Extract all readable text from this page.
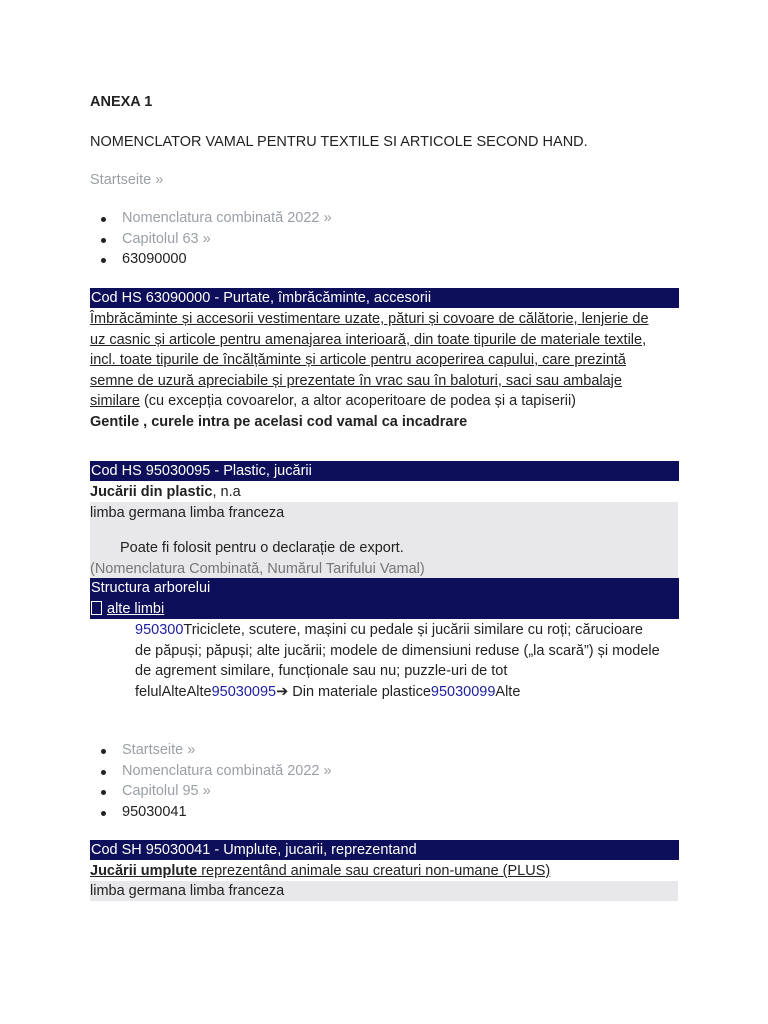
ANEXA 1
NOMENCLATOR VAMAL PENTRU TEXTILE SI ARTICOLE SECOND HAND.
Startseite »
Nomenclatura combinată 2022 »
Capitolul 63 »
63090000
Cod HS 63090000 - Purtate, îmbrăcăminte, accesorii
Îmbrăcăminte și accesorii vestimentare uzate, pături și covoare de călătorie, lenjerie de
uz casnic și articole pentru amenajarea interioară, din toate tipurile de materiale textile,
incl. toate tipurile de încălțăminte și articole pentru acoperirea capului, care prezintă
semne de uzură apreciabile și prezentate în vrac sau în baloturi, saci sau ambalaje
similare (cu excepția covoarelor, a altor acoperitoare de podea și a tapiserii)
Gentile , curele intra pe acelasi cod vamal ca incadrare
Cod HS 95030095 - Plastic, jucării
Jucării din plastic, n.a
limba germana limba franceza
Poate fi folosit pentru o declarație de export.
(Nomenclatura Combinată, Numărul Tarifului Vamal)
Structura arborelui
alte limbi
950300Triciclete, scutere, mașini cu pedale și jucării similare cu roți; cărucioare
de păpuși; păpuși; alte jucării; modele de dimensiuni reduse („la scară”) și modele
de agrement similare, funcționale sau nu; puzzle-uri de tot
felulAlteAlte95030095➔ Din materiale plastice95030099Alte
Startseite »
Nomenclatura combinată 2022 »
Capitolul 95 »
95030041
Cod SH 95030041 - Umplute, jucarii, reprezentand
Jucării umplute reprezentând animale sau creaturi non-umane (PLUS)
limba germana limba franceza
